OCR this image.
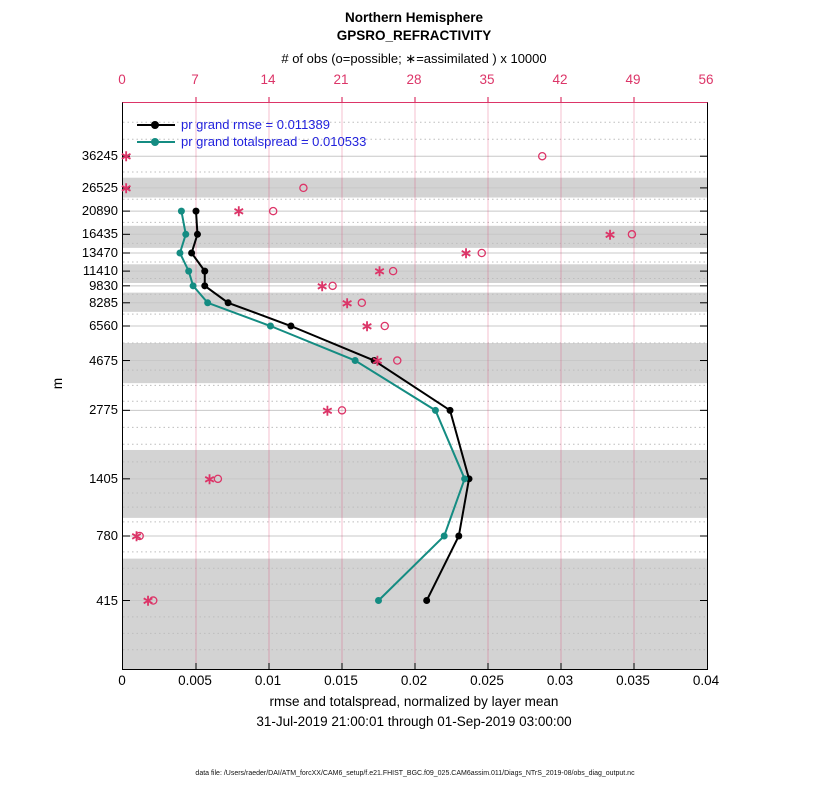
Northern Hemisphere
GPSRO_REFRACTIVITY
# of obs (o=possible; ∗=assimilated ) x 10000
0	7	14	21	28	35	42	49	56
36245
26525
20890
16435
13470
11410
9830
8285
6560
4675
2775
1405
780
415
m
∗
∗
∗
∗
∗
∗
∗
∗
∗
∗
∗
∗
∗
∗
pr grand rmse = 0.011389
pr grand totalspread = 0.010533
0	0.005	0.01	0.015	0.02	0.025	0.03	0.035	0.04
rmse and totalspread, normalized by layer mean
31-Jul-2019 21:00:01 through 01-Sep-2019 03:00:00
data file: /Users/raeder/DAI/ATM_forcXX/CAM6_setup/f.e21.FHIST_BGC.f09_025.CAM6assim.011/Diags_NTrS_2019-08/obs_diag_output.nc
